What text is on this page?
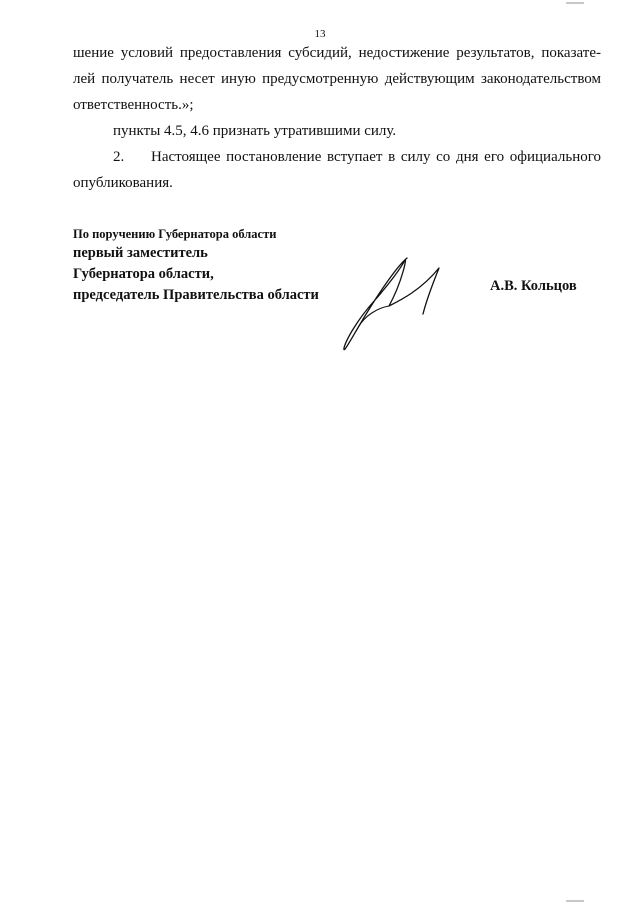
13
шение условий предоставления субсидий, недостижение результатов, показате-
лей получатель несет иную предусмотренную действующим законодательством
ответственность.»;
пункты 4.5, 4.6 признать утратившими силу.
2. Настоящее постановление вступает в силу со дня его официального
опубликования.
По поручению Губернатора области
первый заместитель
Губернатора области,
председатель Правительства области
А.В. Кольцов
